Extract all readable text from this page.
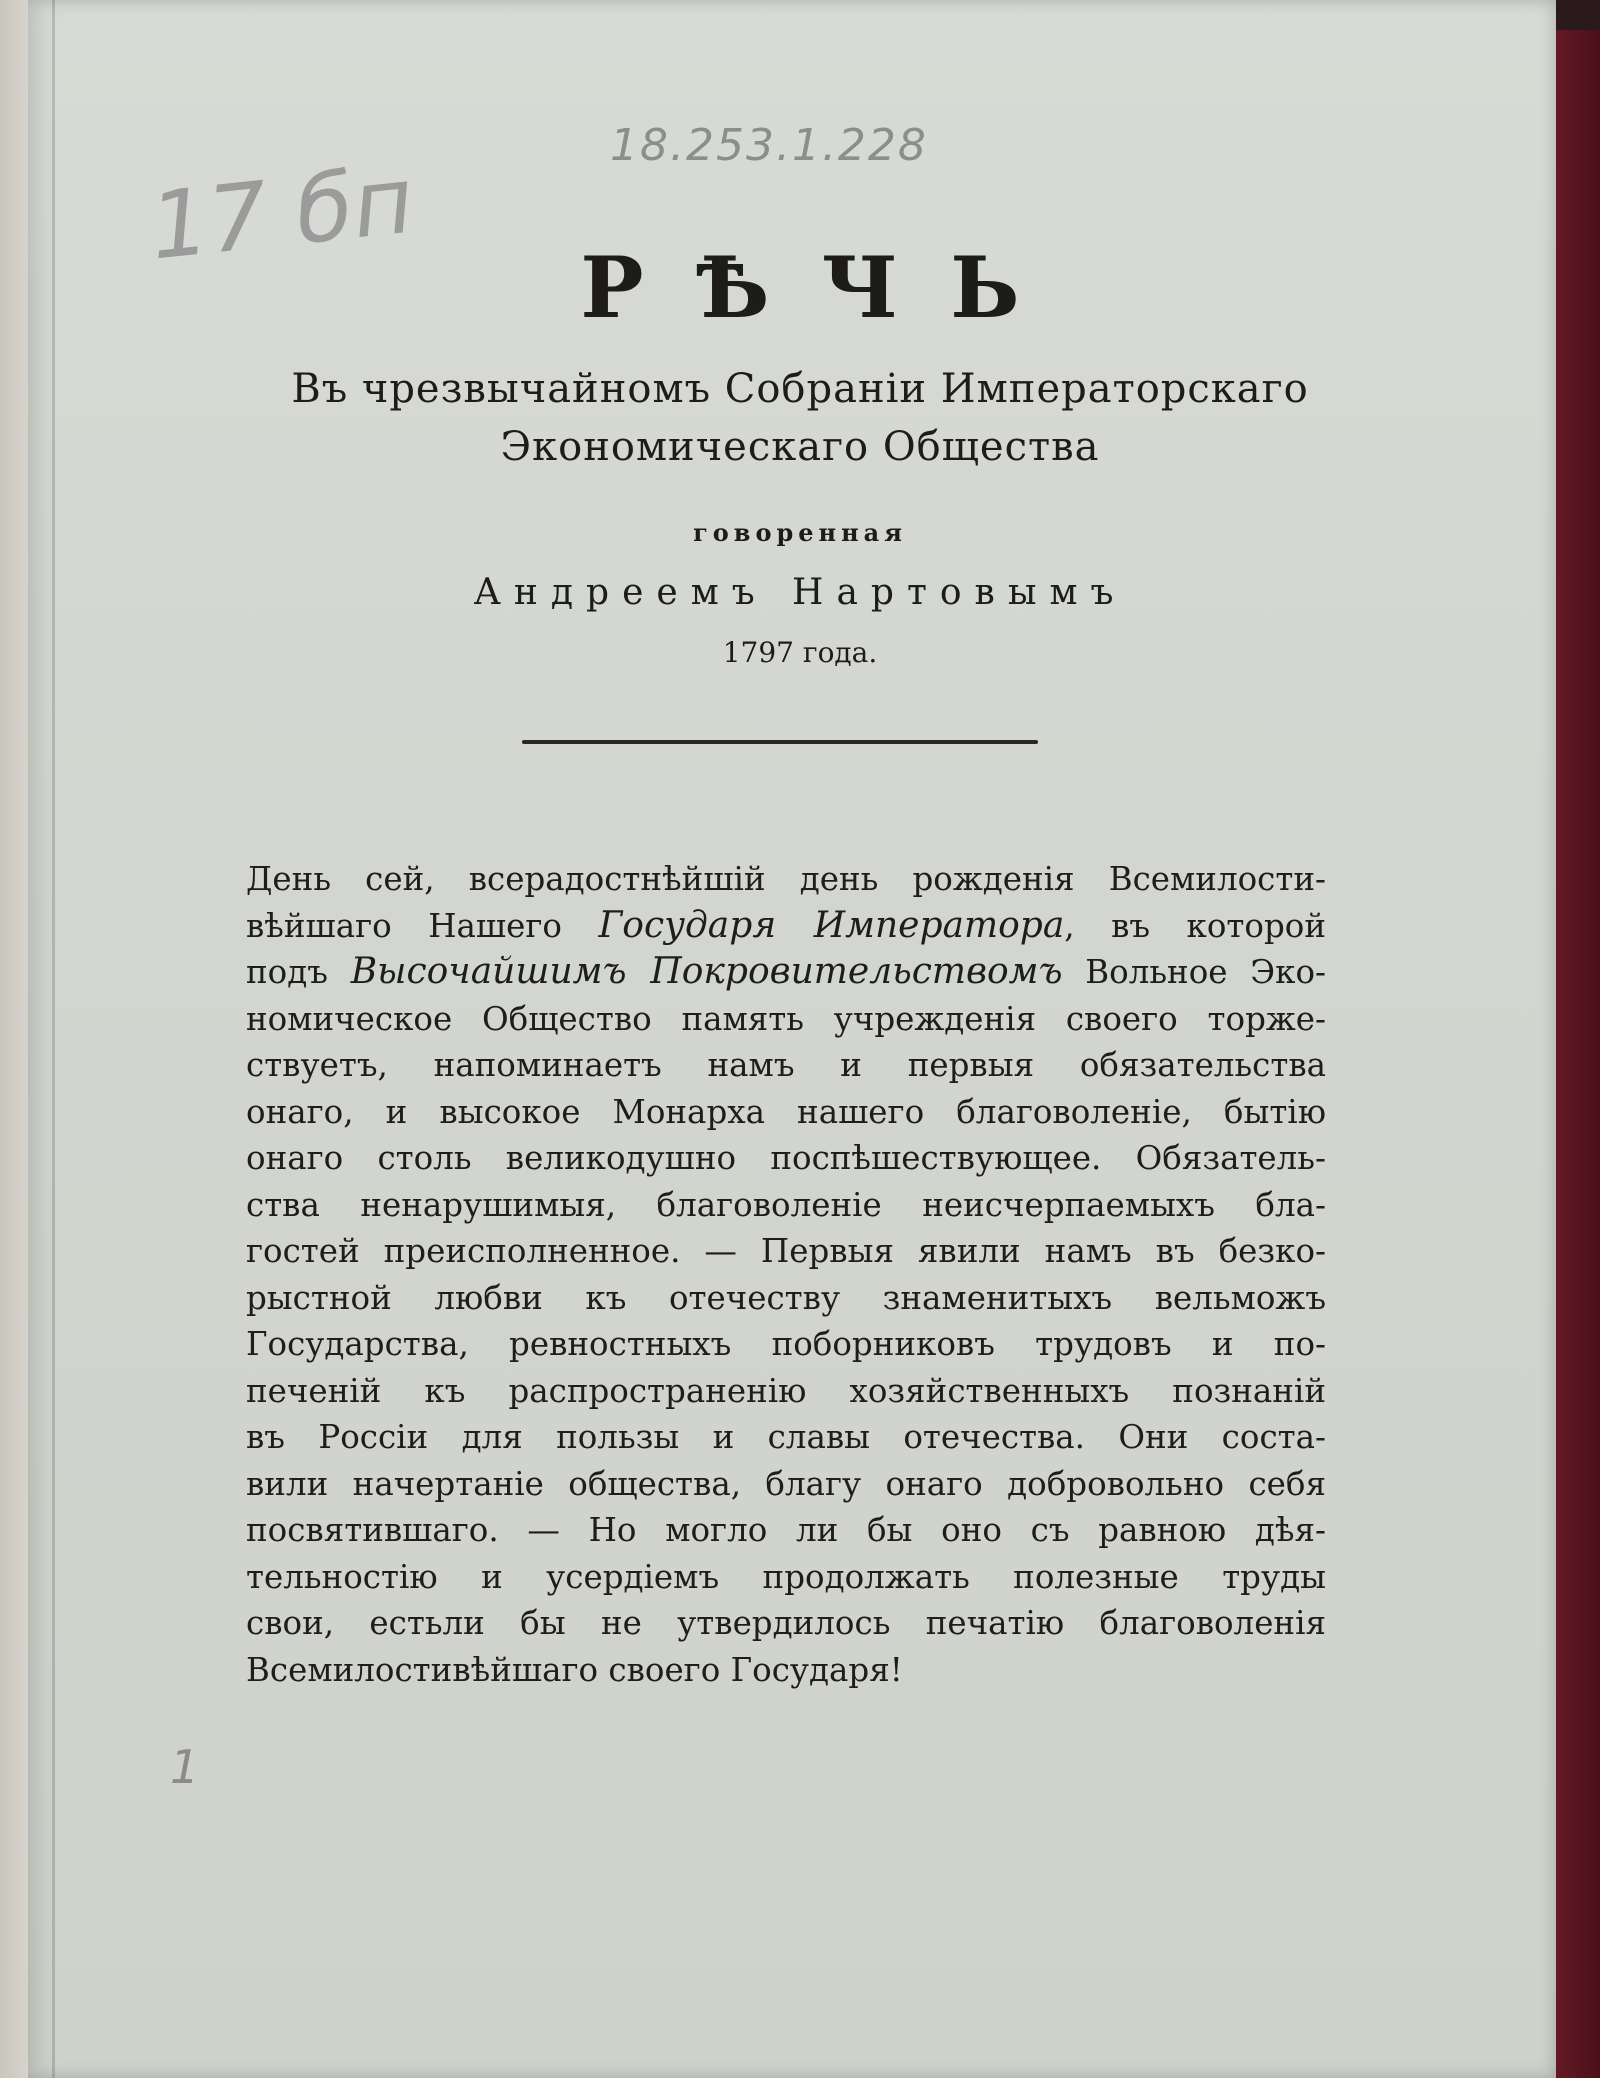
18.253.1.228
17 бп
РѢЧЬ
Въ чрезвычайномъ Собраніи Императорскаго
Экономическаго Общества
говоренная
Андреемъ Нартовымъ
1797 года.
День сей, всерадостнѣйшій день рожденія Всемилости-
вѣйшаго Нашего Государя Императора, въ которой
подъ Высочайшимъ Покровительствомъ Вольное Эко-
номическое Общество память учрежденія своего торже-
ствуетъ, напоминаетъ намъ и первыя обязательства
онаго, и высокое Монарха нашего благоволеніе, бытію
онаго столь великодушно поспѣшествующее. Обязатель-
ства ненарушимыя, благоволеніе неисчерпаемыхъ бла-
гостей преисполненное. — Первыя явили намъ въ безко-
рыстной любви къ отечеству знаменитыхъ вельможъ
Государства, ревностныхъ поборниковъ трудовъ и по-
печеній къ распространенію хозяйственныхъ познаній
въ Россіи для пользы и славы отечества. Они соста-
вили начертаніе общества, благу онаго добровольно себя
посвятившаго. — Но могло ли бы оно съ равною дѣя-
тельностію и усердіемъ продолжать полезные труды
свои, естьли бы не утвердилось печатію благоволенія
Всемилостивѣйшаго своего Государя!
1
